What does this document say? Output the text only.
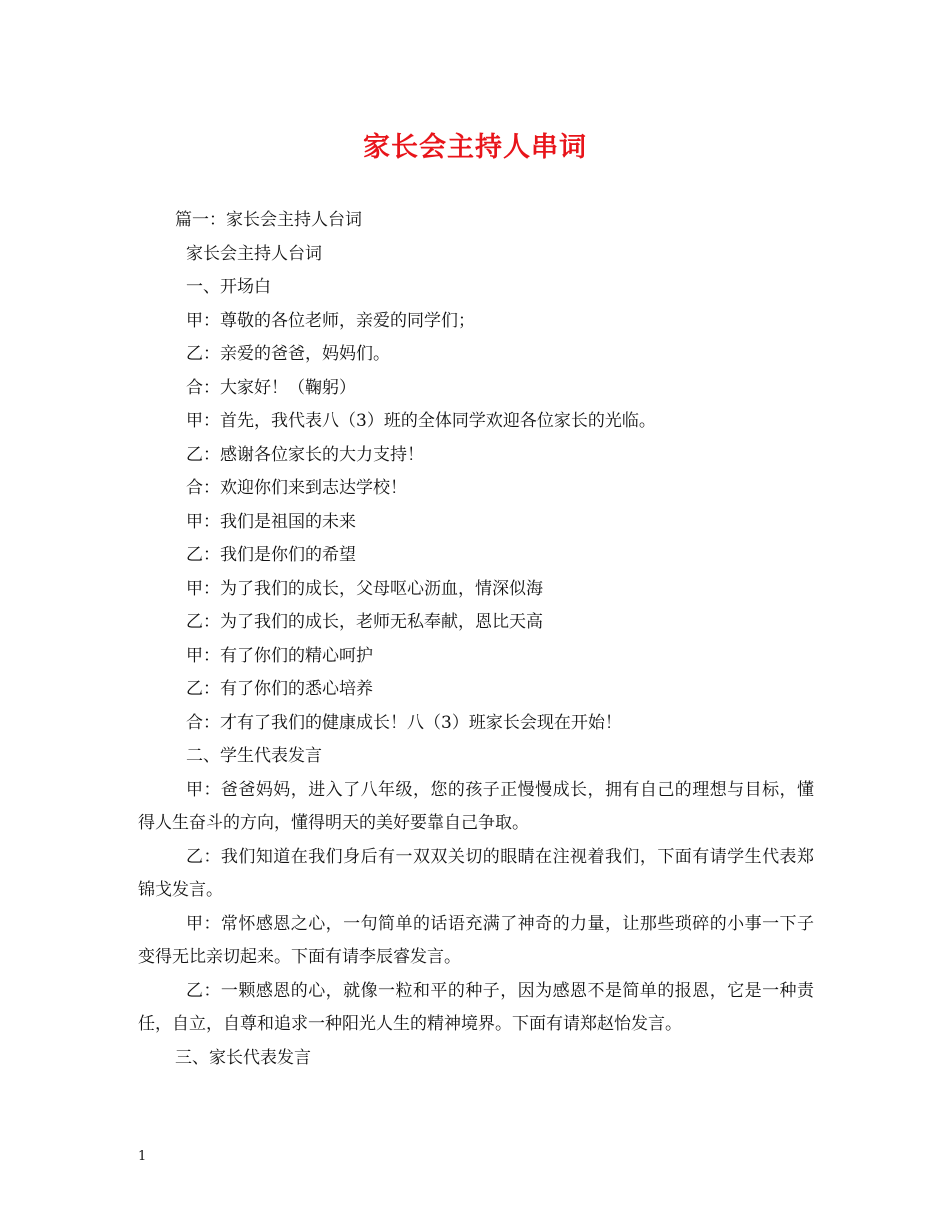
家长会主持人串词

篇一：家长会主持人台词

家长会主持人台词

一、开场白

甲：尊敬的各位老师，亲爱的同学们；

乙：亲爱的爸爸，妈妈们。

合：大家好！（鞠躬）

甲：首先，我代表八（3）班的全体同学欢迎各位家长的光临。

乙：感谢各位家长的大力支持！

合：欢迎你们来到志达学校！

甲：我们是祖国的未来

乙：我们是你们的希望

甲：为了我们的成长，父母呕心沥血，情深似海

乙：为了我们的成长，老师无私奉献，恩比天高

甲：有了你们的精心呵护

乙：有了你们的悉心培养

合：才有了我们的健康成长！八（3）班家长会现在开始！

二、学生代表发言

甲：爸爸妈妈，进入了八年级，您的孩子正慢慢成长，拥有自己的理想与目标，懂得人生奋斗的方向，懂得明天的美好要靠自己争取。

乙：我们知道在我们身后有一双双关切的眼睛在注视着我们，下面有请学生代表郑锦戈发言。

甲：常怀感恩之心，一句简单的话语充满了神奇的力量，让那些琐碎的小事一下子变得无比亲切起来。下面有请李辰睿发言。

乙：一颗感恩的心，就像一粒和平的种子，因为感恩不是简单的报恩，它是一种责任，自立，自尊和追求一种阳光人生的精神境界。下面有请郑赵怡发言。

三、家长代表发言

1
